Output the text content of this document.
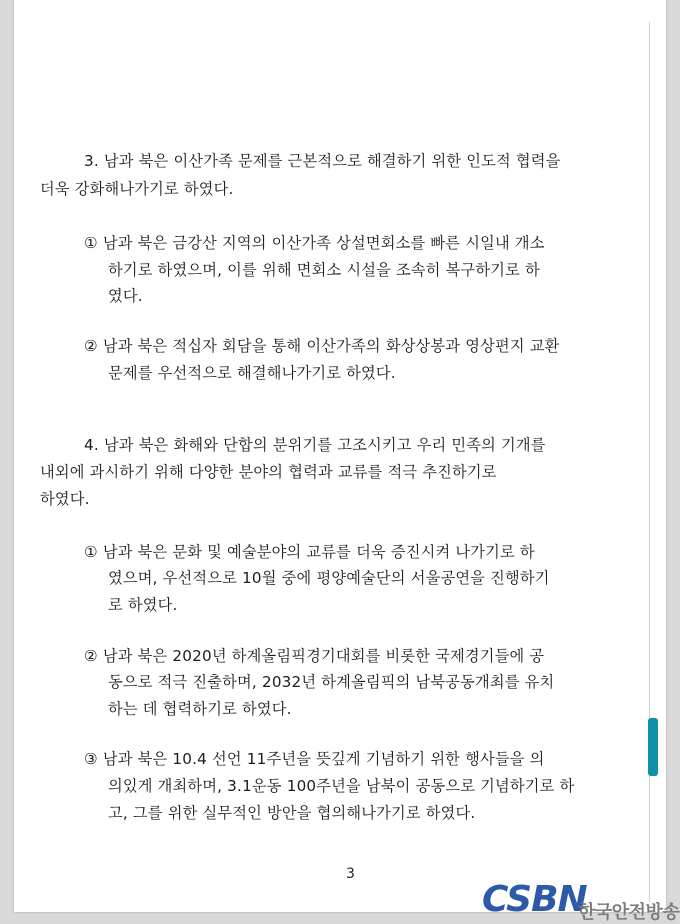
3. 남과 북은 이산가족 문제를 근본적으로 해결하기 위한 인도적 협력을
더욱 강화해나가기로 하였다.
① 남과 북은 금강산 지역의 이산가족 상설면회소를 빠른 시일내 개소
하기로 하였으며, 이를 위해 면회소 시설을 조속히 복구하기로 하
였다.
② 남과 북은 적십자 회담을 통해 이산가족의 화상상봉과 영상편지 교환
문제를 우선적으로 해결해나가기로 하였다.
4. 남과 북은 화해와 단합의 분위기를 고조시키고 우리 민족의 기개를
내외에 과시하기 위해 다양한 분야의 협력과 교류를 적극 추진하기로
하였다.
① 남과 북은 문화 및 예술분야의 교류를 더욱 증진시켜 나가기로 하
였으며, 우선적으로 10월 중에 평양예술단의 서울공연을 진행하기
로 하였다.
② 남과 북은 2020년 하계올림픽경기대회를 비롯한 국제경기들에 공
동으로 적극 진출하며, 2032년 하계올림픽의 남북공동개최를 유치
하는 데 협력하기로 하였다.
③ 남과 북은 10.4 선언 11주년을 뜻깊게 기념하기 위한 행사들을 의
의있게 개최하며, 3.1운동 100주년을 남북이 공동으로 기념하기로 하
고, 그를 위한 실무적인 방안을 협의해나가기로 하였다.
3
CSBN
한국안전방송
